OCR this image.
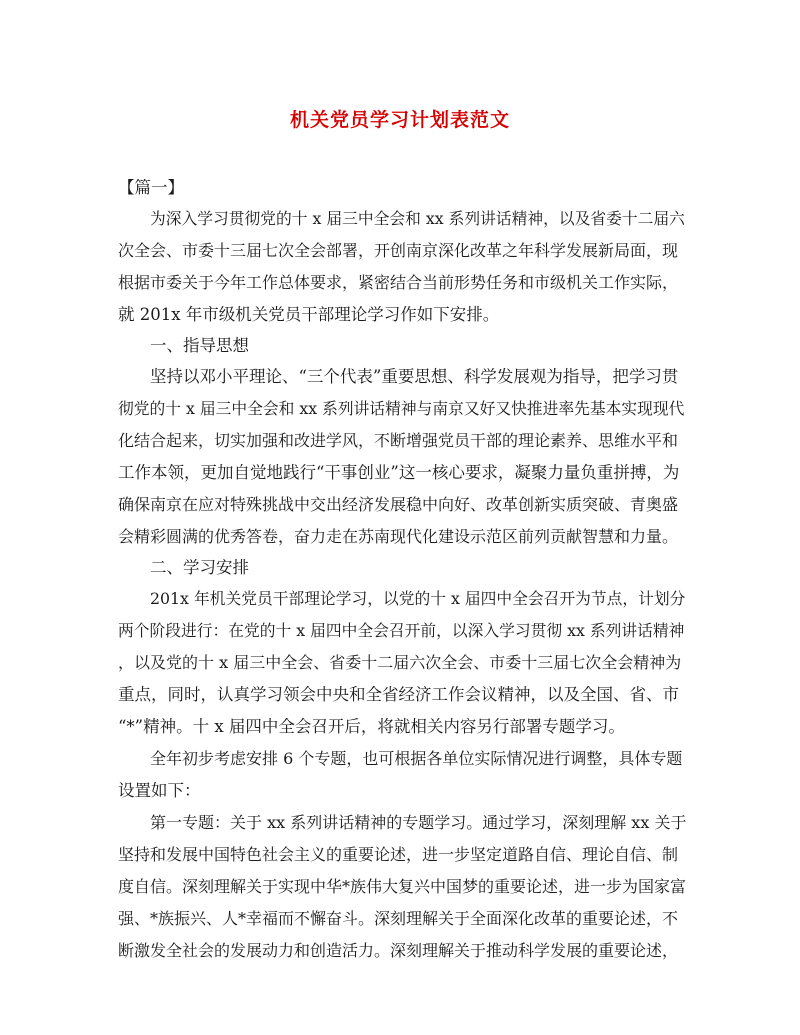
机关党员学习计划表范文
【篇一】
为深入学习贯彻党的十 x 届三中全会和 xx 系列讲话精神，以及省委十二届六
次全会、市委十三届七次全会部署，开创南京深化改革之年科学发展新局面，现
根据市委关于今年工作总体要求，紧密结合当前形势任务和市级机关工作实际，
就 201x 年市级机关党员干部理论学习作如下安排。
一、指导思想
坚持以邓小平理论、“三个代表”重要思想、科学发展观为指导，把学习贯
彻党的十 x 届三中全会和 xx 系列讲话精神与南京又好又快推进率先基本实现现代
化结合起来，切实加强和改进学风，不断增强党员干部的理论素养、思维水平和
工作本领，更加自觉地践行“干事创业”这一核心要求，凝聚力量负重拼搏，为
确保南京在应对特殊挑战中交出经济发展稳中向好、改革创新实质突破、青奥盛
会精彩圆满的优秀答卷，奋力走在苏南现代化建设示范区前列贡献智慧和力量。
二、学习安排
201x 年机关党员干部理论学习，以党的十 x 届四中全会召开为节点，计划分
两个阶段进行：在党的十 x 届四中全会召开前，以深入学习贯彻 xx 系列讲话精神
，以及党的十 x 届三中全会、省委十二届六次全会、市委十三届七次全会精神为
重点，同时，认真学习领会中央和全省经济工作会议精神，以及全国、省、市
“*”精神。十 x 届四中全会召开后，将就相关内容另行部署专题学习。
全年初步考虑安排 6 个专题，也可根据各单位实际情况进行调整，具体专题
设置如下：
第一专题：关于 xx 系列讲话精神的专题学习。通过学习，深刻理解 xx 关于
坚持和发展中国特色社会主义的重要论述，进一步坚定道路自信、理论自信、制
度自信。深刻理解关于实现中华*族伟大复兴中国梦的重要论述，进一步为国家富
强、*族振兴、人*幸福而不懈奋斗。深刻理解关于全面深化改革的重要论述，不
断激发全社会的发展动力和创造活力。深刻理解关于推动科学发展的重要论述，
